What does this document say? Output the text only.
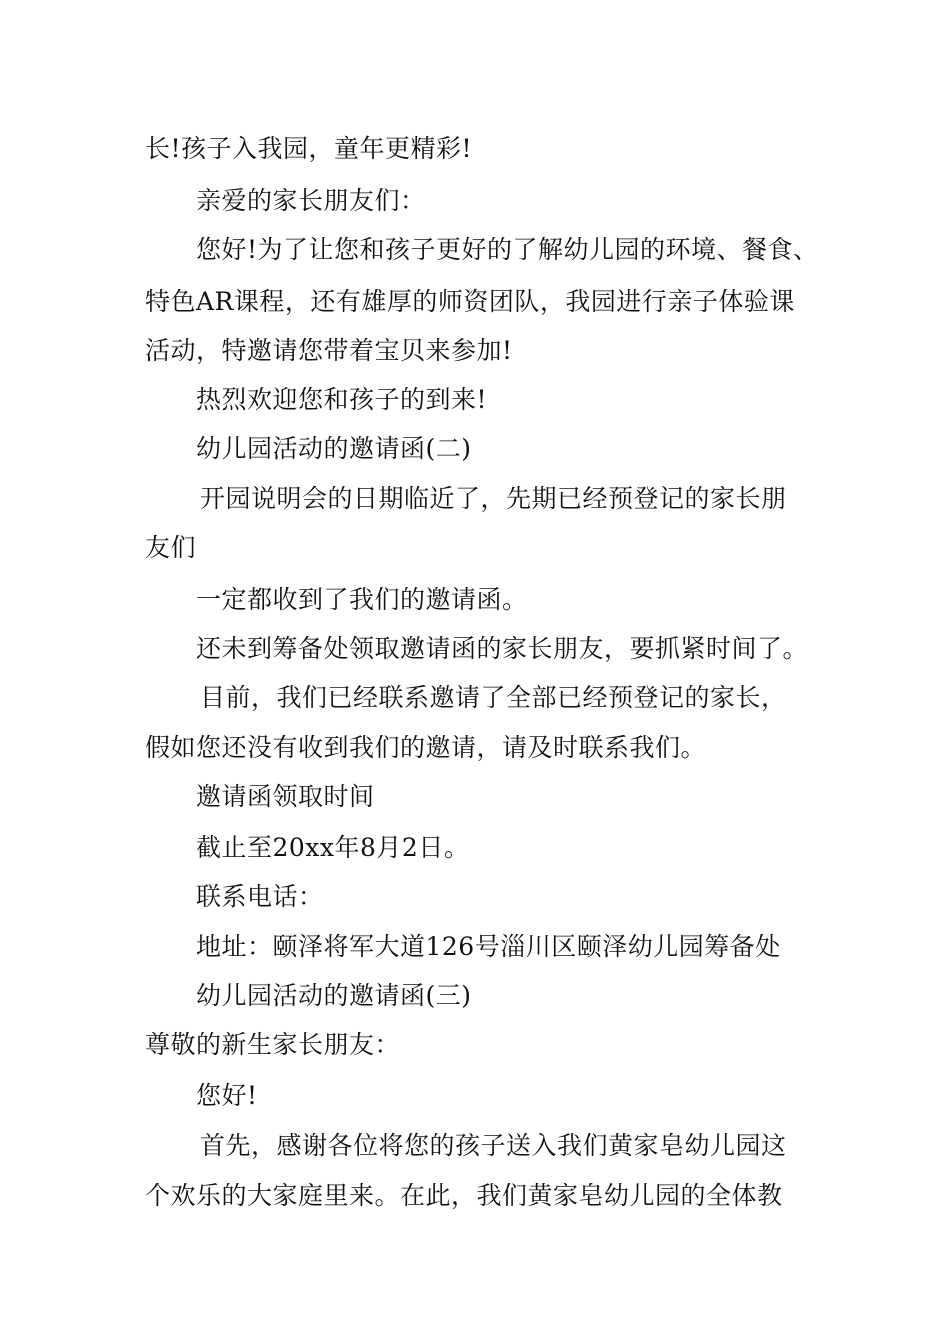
长!孩子入我园，童年更精彩!
亲爱的家长朋友们：
您好!为了让您和孩子更好的了解幼儿园的环境、餐食、
特色AR课程，还有雄厚的师资团队，我园进行亲子体验课
活动，特邀请您带着宝贝来参加!
热烈欢迎您和孩子的到来!
幼儿园活动的邀请函(二)
开园说明会的日期临近了，先期已经预登记的家长朋
友们
一定都收到了我们的邀请函。
还未到筹备处领取邀请函的家长朋友，要抓紧时间了。
目前，我们已经联系邀请了全部已经预登记的家长，
假如您还没有收到我们的邀请，请及时联系我们。
邀请函领取时间
截止至20xx年8月2日。
联系电话：
地址：颐泽将军大道126号淄川区颐泽幼儿园筹备处
幼儿园活动的邀请函(三)
尊敬的新生家长朋友：
您好!
首先，感谢各位将您的孩子送入我们黄家皂幼儿园这
个欢乐的大家庭里来。在此，我们黄家皂幼儿园的全体教
